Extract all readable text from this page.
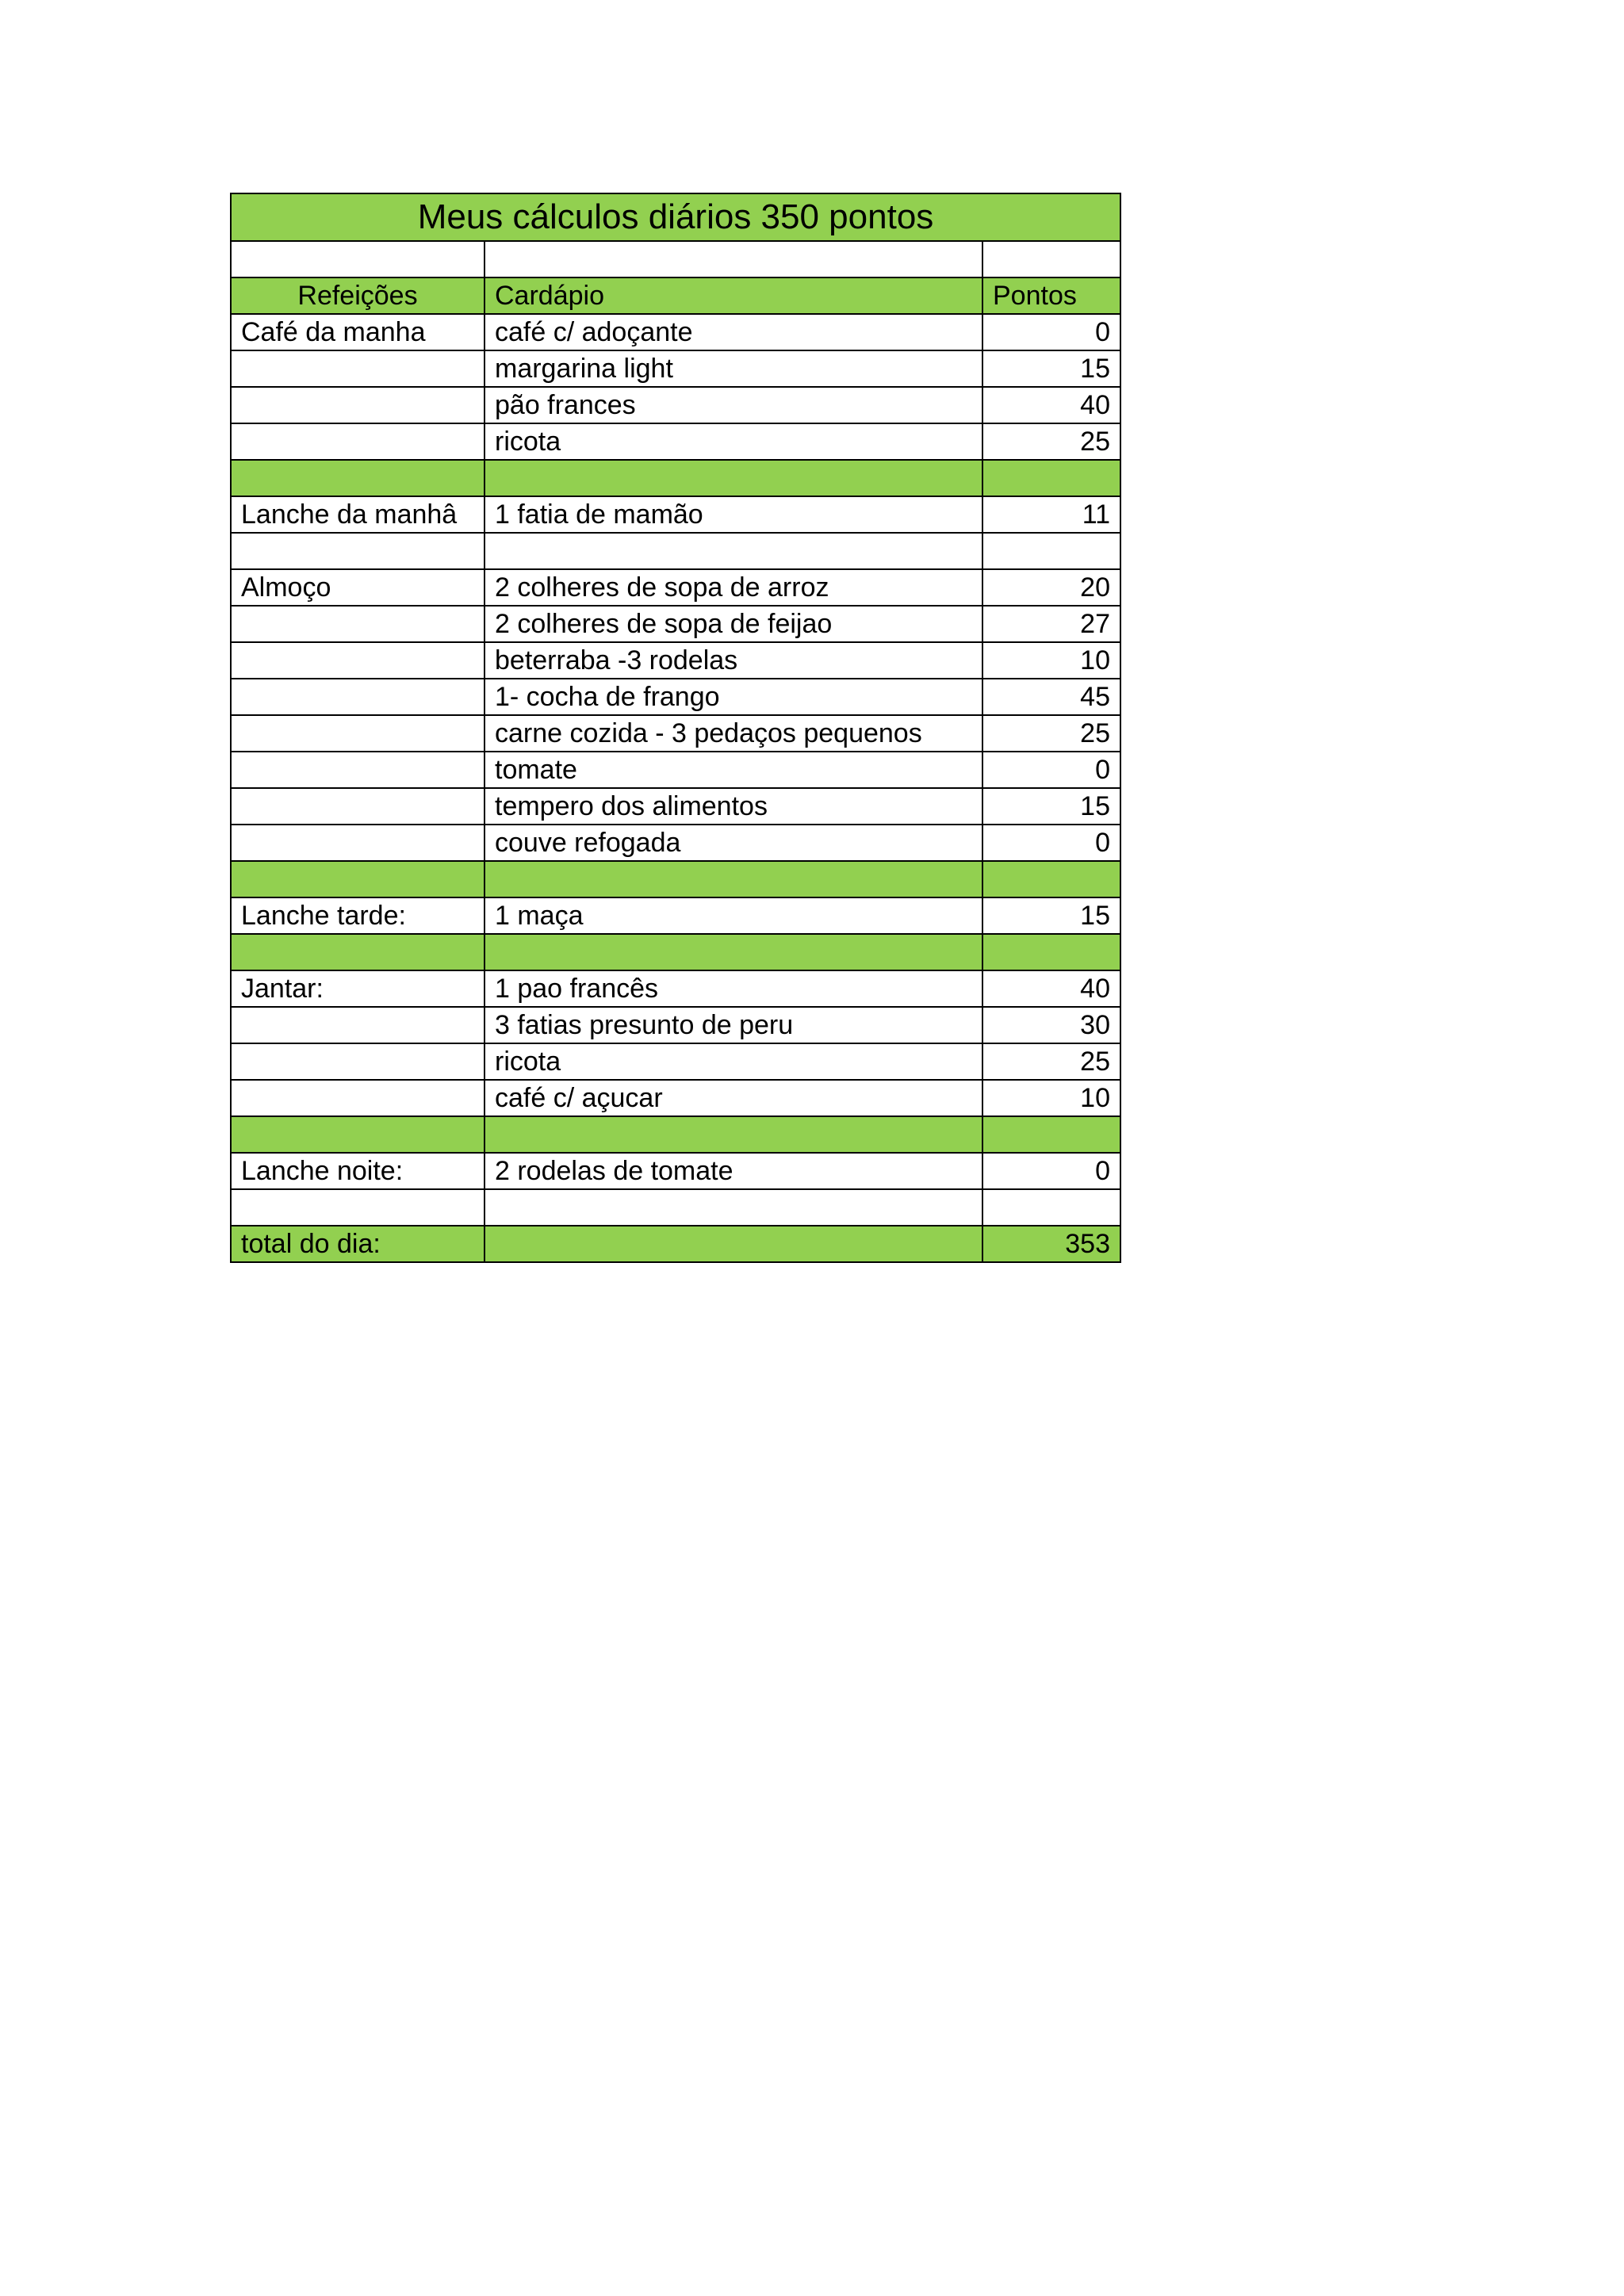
Meus cálculos diários 350 pontos		

Refeições	Cardápio	Pontos
Café da manha	café c/ adoçante	0
	margarina light	15
	pão frances	40
	ricota	25

Lanche da manhâ	1 fatia de mamão	11

Almoço	2 colheres de sopa de arroz	20
	2 colheres de sopa de feijao	27
	beterraba -3 rodelas	10
	1- cocha de frango	45
	carne cozida - 3 pedaços pequenos	25
	tomate	0
	tempero dos alimentos	15
	couve refogada	0

Lanche tarde:	1 maça	15

Jantar:	1 pao francês	40
	3 fatias presunto de peru	30
	ricota	25
	café c/ açucar	10

Lanche noite:	2 rodelas de tomate	0

total do dia:		353
